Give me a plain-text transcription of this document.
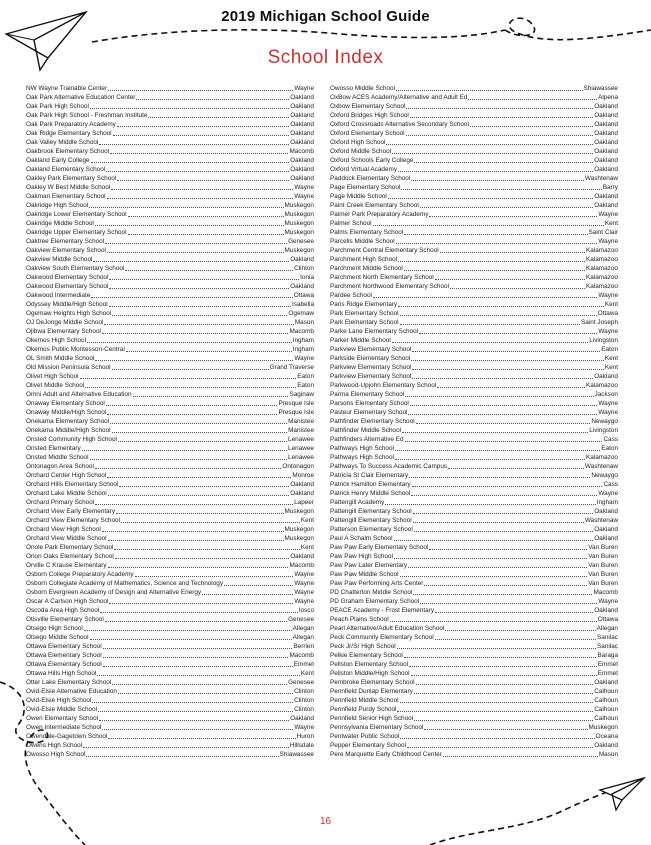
2019 Michigan School Guide
School Index
NW Wayne Trainable Center	Wayne
Oak Park Alternative Education Center	Oakland
Oak Park High School	Oakland
Oak Park High School - Freshman Institute	Oakland
Oak Park Preparatory Academy	Oakland
Oak Ridge Elementary School	Oakland
Oak Valley Middle School	Oakland
Oakbrook Elementary School	Macomb
Oakland Early College	Oakland
Oakland Elementary School	Oakland
Oakley Park Elementary School	Oakland
Oakley W Best Middle School	Wayne
Oakman Elementary School	Wayne
Oakridge High School	Muskegon
Oakridge Lower Elementary School	Muskegon
Oakridge Middle School	Muskegon
Oakridge Upper Elementary School	Muskegon
Oaktree Elementary School	Genesee
Oakview Elementary School	Muskegon
Oakview Middle School	Oakland
Oakview South Elementary School	Clinton
Oakwood Elementary School	Ionia
Oakwood Elementary School	Oakland
Oakwood Intermediate	Ottawa
Odyssey Middle/High School	Isabella
Ogemaw Heights High School	Ogemaw
OJ DeJonge Middle School	Mason
Ojibwa Elementary School	Macomb
Okemos High School	Ingham
Okemos Public Montessori-Central	Ingham
OL Smith Middle School	Wayne
Old Mission Peninsula School	Grand Traverse
Olivet High School	Eaton
Olivet Middle School	Eaton
Omni Adult and Alternative Education	Saginaw
Onaway Elementary School	Presque Isle
Onaway Middle/High School	Presque Isle
Onekama Elementary School	Manistee
Onekama Middle/High School	Manistee
Onsted Community High School	Lenawee
Onsted Elementary	Lenawee
Onsted Middle School	Lenawee
Ontonagon Area School	Ontonagon
Orchard Center High School	Monroe
Orchard Hills Elementary School	Oakland
Orchard Lake Middle School	Oakland
Orchard Primary School	Lapeer
Orchard View Early Elementary	Muskegon
Orchard View Elementary School	Kent
Orchard View High School	Muskegon
Orchard View Middle School	Muskegon
Oriole Park Elementary School	Kent
Orion Oaks Elementary School	Oakland
Orville C Krause Elementary	Macomb
Osborn College Preparatory Academy	Wayne
Osborn Collegiate Academy of Mathematics, Science and Technology	Wayne
Osborn Evergreen Academy of Design and Alternative Energy	Wayne
Oscar A Carlson High School	Wayne
Oscoda Area High School	Iosco
Otisville Elementary School	Genesee
Otsego High School	Allegan
Otsego Middle School	Allegan
Ottawa Elementary School	Berrien
Ottawa Elementary School	Macomb
Ottawa Elementary School	Emmet
Ottawa Hills High School	Kent
Otter Lake Elementary School	Genesee
Ovid-Elsie Alternative Education	Clinton
Ovid-Elsie High School	Clinton
Ovid-Elsie Middle School	Clinton
Owen Elementary School	Oakland
Owen Intermediate School	Wayne
Owendale-Gagetown School	Huron
Owens High School	Hillsdale
Owosso High School	Shiawassee
Owosso Middle School	Shiawassee
OxBow ACES Academy/Alternative and Adult Ed	Alpena
Oxbow Elementary School	Oakland
Oxford Bridges High School	Oakland
Oxford Crossroads Alternative Secondary School	Oakland
Oxford Elementary School	Oakland
Oxford High School	Oakland
Oxford Middle School	Oakland
Oxford Schools Early College	Oakland
Oxford Virtual Academy	Oakland
Paddock Elementary School	Washtenaw
Page Elementary School	Barry
Page Middle School	Oakland
Paint Creek Elementary School	Oakland
Palmer Park Preparatory Academy	Wayne
Palmer School	Kent
Palms Elementary School	Saint Clair
Parcells Middle School	Wayne
Parchment Central Elementary School	Kalamazoo
Parchment High School	Kalamazoo
Parchment Middle School	Kalamazoo
Parchment North Elementary School	Kalamazoo
Parchment Northwood Elementary School	Kalamazoo
Pardee School	Wayne
Paris Ridge Elementary	Kent
Park Elementary School	Ottawa
Park Elementary School	Saint Joseph
Parke Lane Elementary School	Wayne
Parker Middle School	Livingston
Parkview Elementary School	Eaton
Parkside Elementary School	Kent
Parkview Elementary School	Kent
Parkview Elementary School	Oakland
Parkwood-Upjohn Elementary School	Kalamazoo
Parma Elementary School	Jackson
Parsons Elementary School	Wayne
Pasteur Elementary School	Wayne
Pathfinder Elementary School	Newaygo
Pathfinder Middle School	Livingston
Pathfinders Alternative Ed	Cass
Pathways High School	Eaton
Pathways High School	Kalamazoo
Pathways To Success Academic Campus	Washtenaw
Patricia St Clair Elementary	Newaygo
Patrick Hamilton Elementary	Cass
Patrick Henry Middle School	Wayne
Pattengill Academy	Ingham
Pattengill Elementary School	Oakland
Pattengill Elementary School	Washtenaw
Patterson Elementary School	Oakland
Paul A Schalm School	Oakland
Paw Paw Early Elementary School	Van Buren
Paw Paw High School	Van Buren
Paw Paw Later Elementary	Van Buren
Paw Paw Middle School	Van Buren
Paw Paw Performing Arts Center	Van Buren
PD Chatterton Middle School	Macomb
PD Graham Elementary School	Wayne
PEACE Academy - Frost Elementary	Oakland
Peach Plains School	Ottawa
Pearl Alternative/Adult Education School	Allegan
Peck Community Elementary School	Sanilac
Peck Jr/Sr High School	Sanilac
Pelkie Elementary School	Baraga
Pellston Elementary School	Emmet
Pellston Middle/High School	Emmet
Pembroke Elementary School	Oakland
Pennfield Dunlap Elementary	Calhoun
Pennfield Middle School	Calhoun
Pennfield Purdy School	Calhoun
Pennfield Senior High School	Calhoun
Pennsylvania Elementary School	Muskegon
Pentwater Public School	Oceana
Pepper Elementary School	Oakland
Pere Marquette Early Childhood Center	Mason
16
